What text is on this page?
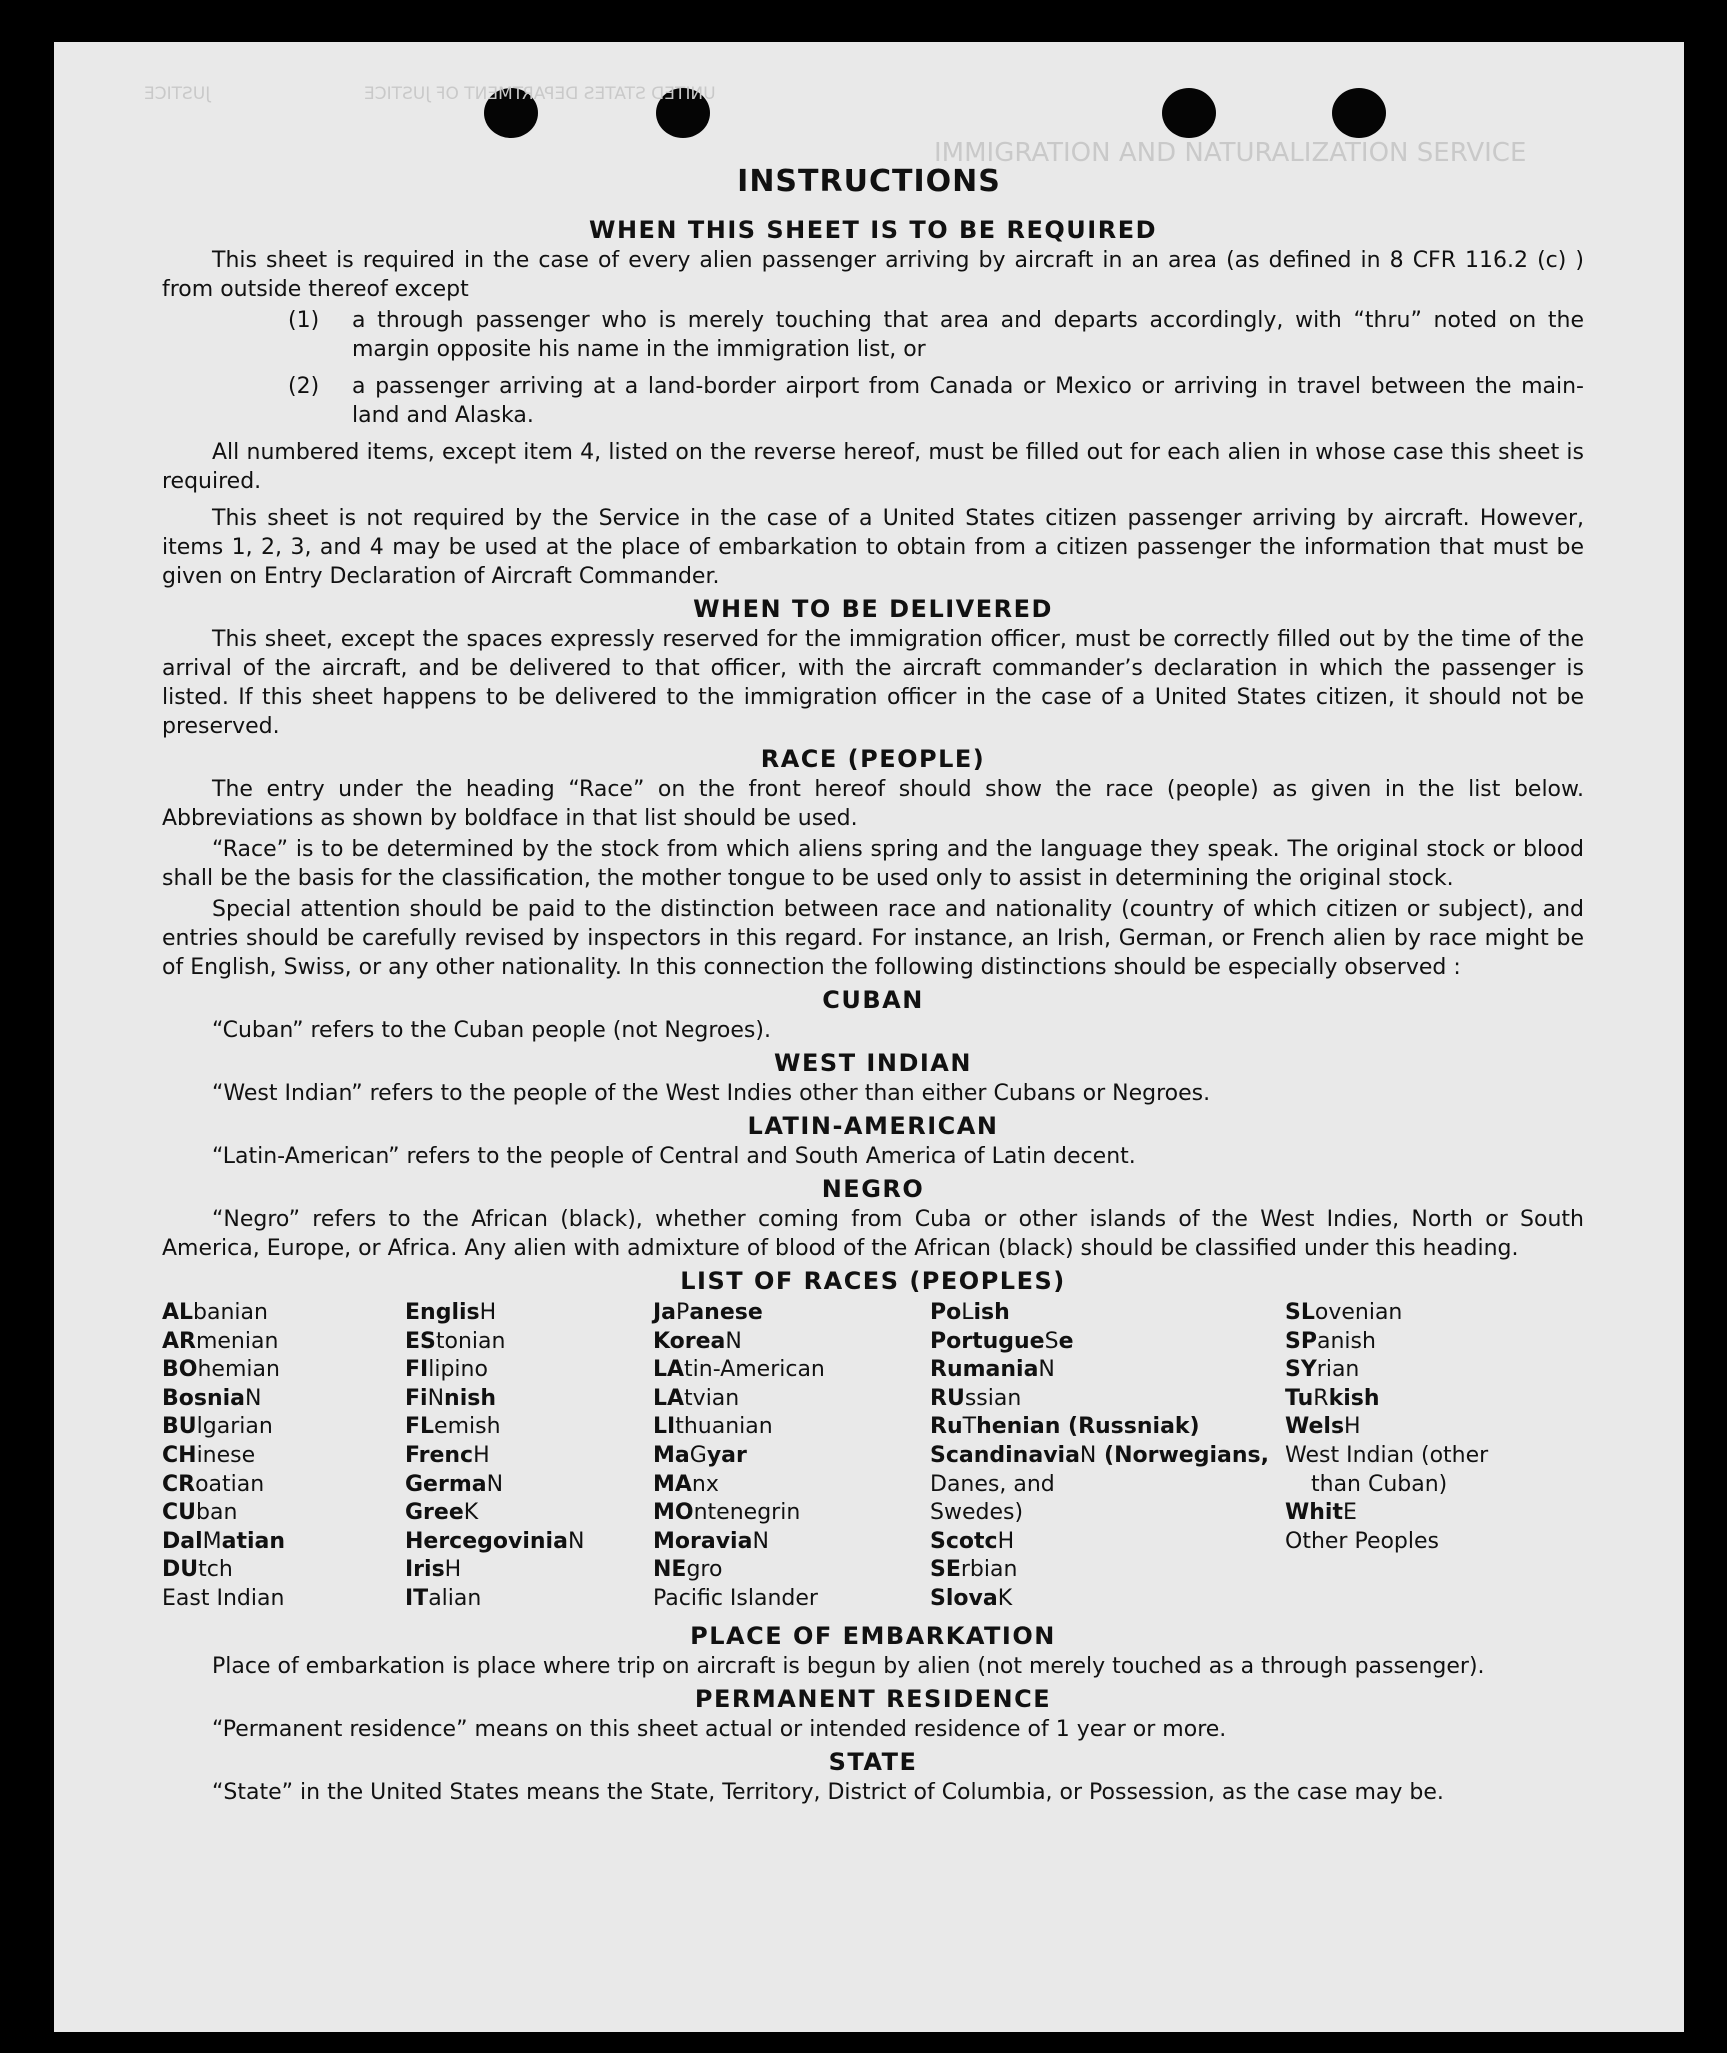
JUSTICE	UNITED STATES DEPARTMENT OF JUSTICE
IMMIGRATION AND NATURALIZATION SERVICE
INSTRUCTIONS
WHEN THIS SHEET IS TO BE REQUIRED

This sheet is required in the case of every alien passenger arriving by aircraft in an area (as defined in 8 CFR 116.2 (c) ) from outside thereof except

(1)	a through passenger who is merely touching that area and departs accordingly, with “thru” noted on the margin opposite his name in the immigration list, or
(2)	a passenger arriving at a land-border airport from Canada or Mexico or arriving in travel between the main-land and Alaska.

All numbered items, except item 4, listed on the reverse hereof, must be filled out for each alien in whose case this sheet is required.

This sheet is not required by the Service in the case of a United States citizen passenger arriving by aircraft. However, items 1, 2, 3, and 4 may be used at the place of embarkation to obtain from a citizen passenger the information that must be given on Entry Declaration of Aircraft Commander.

WHEN TO BE DELIVERED

This sheet, except the spaces expressly reserved for the immigration officer, must be correctly filled out by the time of the arrival of the aircraft, and be delivered to that officer, with the aircraft commander’s declaration in which the passenger is listed. If this sheet happens to be delivered to the immigration officer in the case of a United States citizen, it should not be preserved.

RACE (PEOPLE)

The entry under the heading “Race” on the front hereof should show the race (people) as given in the list below. Abbreviations as shown by boldface in that list should be used.

“Race” is to be determined by the stock from which aliens spring and the language they speak. The original stock or blood shall be the basis for the classification, the mother tongue to be used only to assist in determining the original stock.

Special attention should be paid to the distinction between race and nationality (country of which citizen or subject), and entries should be carefully revised by inspectors in this regard. For instance, an Irish, German, or French alien by race might be of English, Swiss, or any other nationality. In this connection the following distinctions should be especially observed :

CUBAN

“Cuban” refers to the Cuban people (not Negroes).

WEST INDIAN

“West Indian” refers to the people of the West Indies other than either Cubans or Negroes.

LATIN-AMERICAN

“Latin-American” refers to the people of Central and South America of Latin decent.

NEGRO

“Negro” refers to the African (black), whether coming from Cuba or other islands of the West Indies, North or South America, Europe, or Africa. Any alien with admixture of blood of the African (black) should be classified under this heading.

LIST OF RACES (PEOPLES)
ALbanian
ARmenian
BOhemian
BosniaN
BUlgarian
CHinese
CRoatian
CUban
DalMatian
DUtch
East Indian
EnglisH
EStonian
FIlipino
FiNnish
FLemish
FrencH
GermaN
GreeK
HercegoviniaN
IrisH
ITalian
JaPanese
KoreaN
LAtin-American
LAtvian
LIthuanian
MaGyar
MAnx
MOntenegrin
MoraviaN
NEgro
Pacific Islander
PoLish
PortugueSe
RumaniaN
RUssian
RuThenian (Russniak)
ScandinaviaN (Norwegians,
Danes, and
Swedes)
ScotcH
SErbian
SlovaK
SLovenian
SPanish
SYrian
TuRkish
WelsH
West Indian (other
than Cuban)
WhitE
Other Peoples
PLACE OF EMBARKATION

Place of embarkation is place where trip on aircraft is begun by alien (not merely touched as a through passenger).

PERMANENT RESIDENCE

“Permanent residence” means on this sheet actual or intended residence of 1 year or more.

STATE

“State” in the United States means the State, Territory, District of Columbia, or Possession, as the case may be.
